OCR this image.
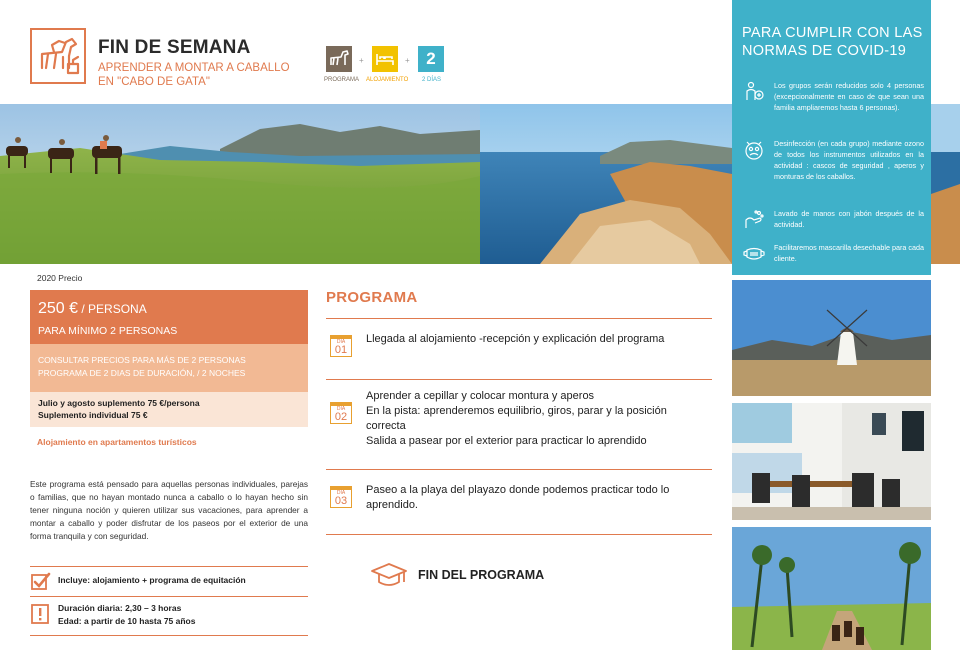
FIN DE SEMANA
APRENDER A MONTAR A CABALLO
EN "CABO DE GATA"	PROGRAMA
+
ALOJAMIENTO
+ 2
2 DÍAS
PARA CUMPLIR CON LAS NORMAS DE COVID-19

Los grupos serán reducidos solo 4 personas (excepcionalmente en caso de que sean una familia ampliaremos hasta 6 personas).

Desinfección (en cada grupo) mediante ozono de todos los instrumentos utilizados en la actividad : cascos de seguridad , aperos y monturas de los caballos.

Lavado de manos con jabón después de la actividad.

Facilitaremos mascarilla desechable para cada cliente.

2020 Precio
250 € / PERSONA
PARA MÍNIMO 2 PERSONAS
CONSULTAR PRECIOS PARA MÁS DE 2 PERSONAS
PROGRAMA DE 2 DIAS DE DURACIÓN, / 2 NOCHES
Julio y agosto suplemento 75 €/persona
Suplemento individual 75 €
Alojamiento en apartamentos turísticos
Este programa está pensado para aquellas personas individuales, parejas o familias, que no hayan montado nunca a caballo o lo hayan hecho sin tener ninguna noción y quieren utilizar sus vacaciones, para aprender a montar a caballo y poder disfrutar de los paseos por el exterior de una forma tranquila y con seguridad.
Incluye: alojamiento + programa de equitación
Duración diaria: 2,30 – 3 horas
Edad: a partir de 10 hasta 75 años
PROGRAMA
DÍA
01
Llegada al alojamiento -recepción y explicación del programa
DÍA
02
Aprender a cepillar y colocar montura y aperos
En la pista: aprenderemos equilibrio, giros, parar y la posición correcta
Salida a pasear por el exterior para practicar lo aprendido
DÍA
03
Paseo a la playa del playazo donde podemos practicar todo lo aprendido.
FIN DEL PROGRAMA
